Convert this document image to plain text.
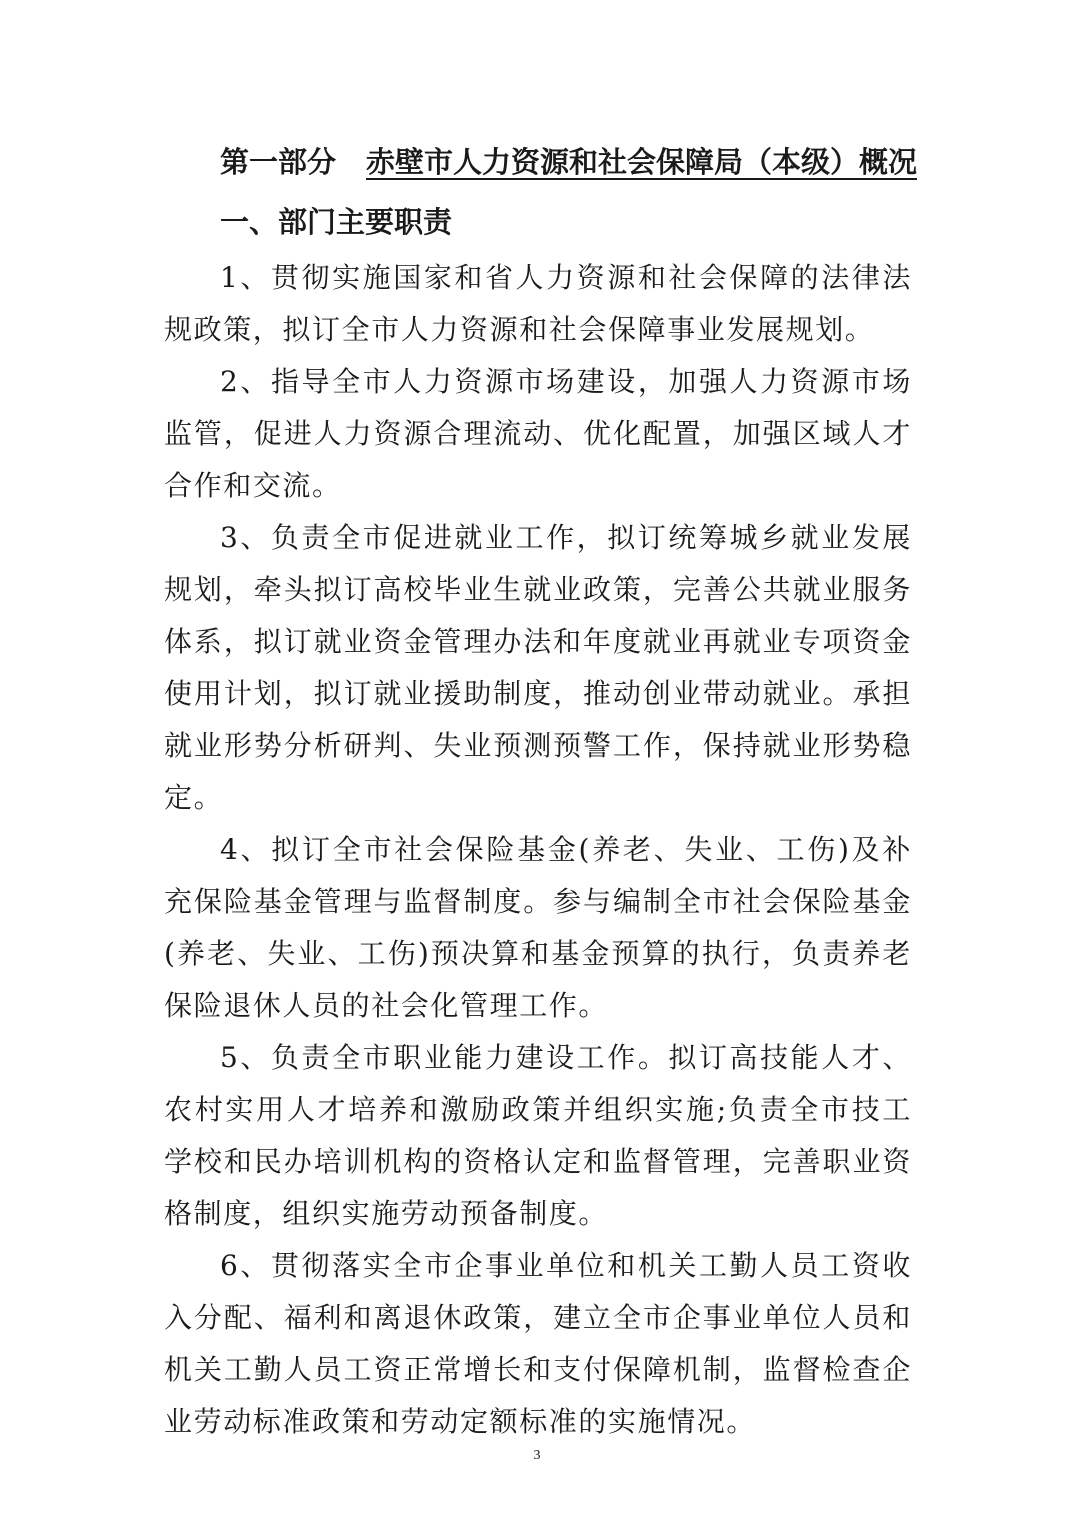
第一部分 赤壁市人力资源和社会保障局（本级）概况
一、部门主要职责

1、贯彻实施国家和省人力资源和社会保障的法律法规政策，拟订全市人力资源和社会保障事业发展规划。

2、指导全市人力资源市场建设，加强人力资源市场监管，促进人力资源合理流动、优化配置，加强区域人才合作和交流。

3、负责全市促进就业工作，拟订统筹城乡就业发展规划，牵头拟订高校毕业生就业政策，完善公共就业服务体系，拟订就业资金管理办法和年度就业再就业专项资金使用计划，拟订就业援助制度，推动创业带动就业。承担就业形势分析研判、失业预测预警工作，保持就业形势稳定。

4、拟订全市社会保险基金(养老、失业、工伤)及补充保险基金管理与监督制度。参与编制全市社会保险基金(养老、失业、工伤)预决算和基金预算的执行，负责养老保险退休人员的社会化管理工作。

5、负责全市职业能力建设工作。拟订高技能人才、农村实用人才培养和激励政策并组织实施;负责全市技工学校和民办培训机构的资格认定和监督管理，完善职业资格制度，组织实施劳动预备制度。

6、贯彻落实全市企事业单位和机关工勤人员工资收入分配、福利和离退休政策，建立全市企事业单位人员和机关工勤人员工资正常增长和支付保障机制，监督检查企业劳动标准政策和劳动定额标准的实施情况。

3
